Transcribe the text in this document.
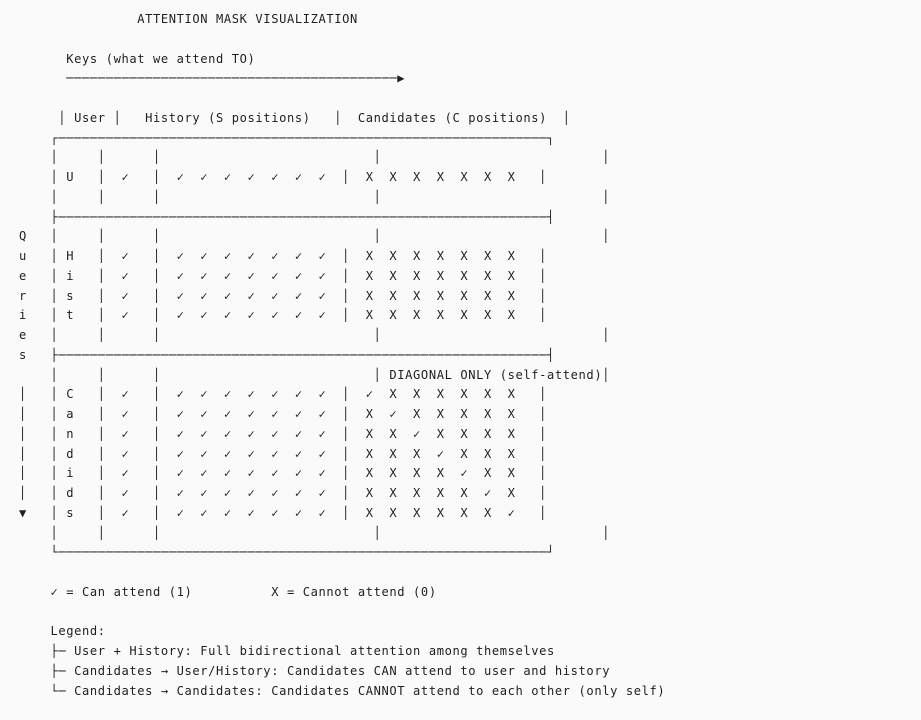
ATTENTION MASK VISUALIZATION

Keys (what we attend TO)
──────────────────────────────────────────▶

│ User │   History (S positions)   │  Candidates (C positions)  │
┌──────────────────────────────────────────────────────────────┐
│     │      │                           │                            │
│ U   │  ✓   │  ✓  ✓  ✓  ✓  ✓  ✓  ✓  │  X  X  X  X  X  X  X   │
│     │      │                           │                            │
├──────────────────────────────────────────────────────────────┤
Q   │     │      │                           │                            │
u   │ H   │  ✓   │  ✓  ✓  ✓  ✓  ✓  ✓  ✓  │  X  X  X  X  X  X  X   │
e   │ i   │  ✓   │  ✓  ✓  ✓  ✓  ✓  ✓  ✓  │  X  X  X  X  X  X  X   │
r   │ s   │  ✓   │  ✓  ✓  ✓  ✓  ✓  ✓  ✓  │  X  X  X  X  X  X  X   │
i   │ t   │  ✓   │  ✓  ✓  ✓  ✓  ✓  ✓  ✓  │  X  X  X  X  X  X  X   │
e   │     │      │                           │                            │
s   ├──────────────────────────────────────────────────────────────┤
│     │      │                           │ DIAGONAL ONLY (self-attend)│
│   │ C   │  ✓   │  ✓  ✓  ✓  ✓  ✓  ✓  ✓  │  ✓  X  X  X  X  X  X   │
│   │ a   │  ✓   │  ✓  ✓  ✓  ✓  ✓  ✓  ✓  │  X  ✓  X  X  X  X  X   │
│   │ n   │  ✓   │  ✓  ✓  ✓  ✓  ✓  ✓  ✓  │  X  X  ✓  X  X  X  X   │
│   │ d   │  ✓   │  ✓  ✓  ✓  ✓  ✓  ✓  ✓  │  X  X  X  ✓  X  X  X   │
│   │ i   │  ✓   │  ✓  ✓  ✓  ✓  ✓  ✓  ✓  │  X  X  X  X  ✓  X  X   │
│   │ d   │  ✓   │  ✓  ✓  ✓  ✓  ✓  ✓  ✓  │  X  X  X  X  X  ✓  X   │
▼   │ s   │  ✓   │  ✓  ✓  ✓  ✓  ✓  ✓  ✓  │  X  X  X  X  X  X  ✓   │
│     │      │                           │                            │
└──────────────────────────────────────────────────────────────┘

✓ = Can attend (1)          X = Cannot attend (0)

Legend:
├─ User + History: Full bidirectional attention among themselves
├─ Candidates → User/History: Candidates CAN attend to user and history
└─ Candidates → Candidates: Candidates CANNOT attend to each other (only self)
